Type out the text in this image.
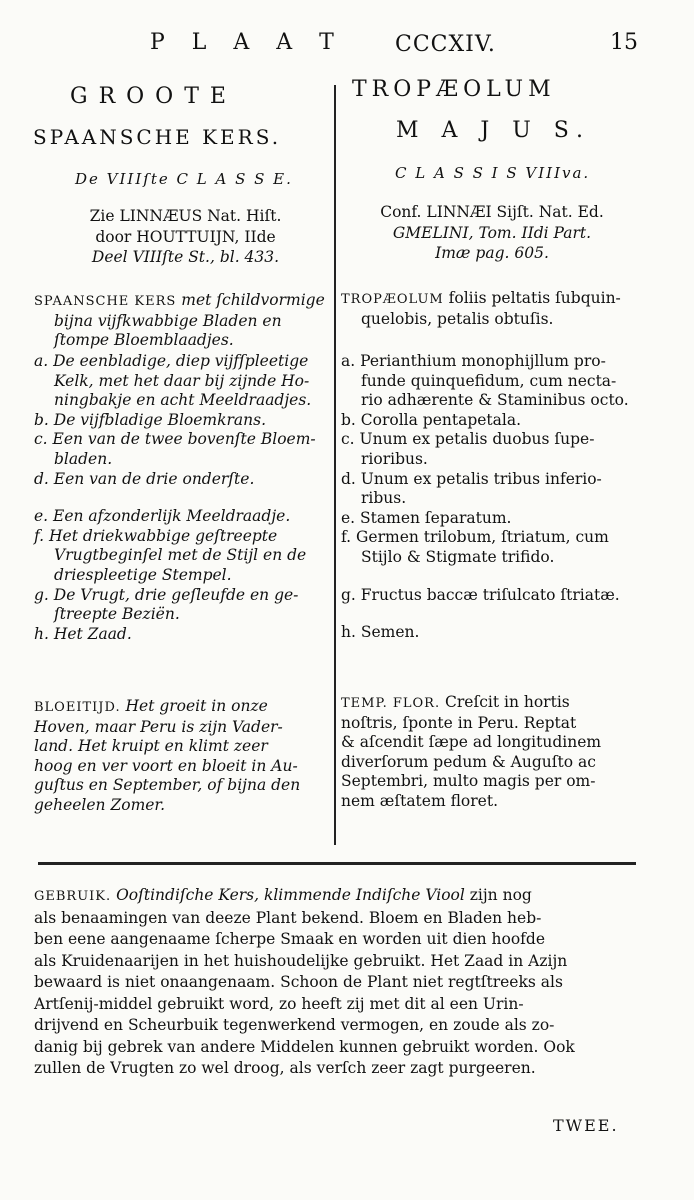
P L A A T CCCXIV.	15
GROOTE
SPAANSCHE KERS.
De VIIIſte C L A S S E.
TROPÆOLUM
M A J U S.
C L A S S I S VIIIva.

Zie LINNÆUS Nat. Hiſt.

door HOUTTUIJN, IIde

Deel VIIIſte St., bl. 433.

Conf. LINNÆI Sijſt. Nat. Ed.

GMELINI, Tom. IIdi Part.

Imæ pag. 605.

SPAANSCHE KERS met ſchildvormige

bijna vijfkwabbige Bladen en

ſtompe Bloemblaadjes.

a. De eenbladige, diep vijfſpleetige

Kelk, met het daar bij zijnde Ho-

ningbakje en acht Meeldraadjes.

b. De vijfbladige Bloemkrans.

c. Een van de twee bovenſte Bloem-

bladen.

d. Een van de drie onderſte.

e. Een afzonderlijk Meeldraadje.

f. Het driekwabbige geſtreepte

Vrugtbeginſel met de Stijl en de

driespleetige Stempel.

g. De Vrugt, drie geſleufde en ge-

ſtreepte Beziën.

h. Het Zaad.

BLOEITIJD. Het groeit in onze

Hoven, maar Peru is zijn Vader-

land. Het kruipt en klimt zeer

hoog en ver voort en bloeit in Au-

guſtus en September, of bijna den

geheelen Zomer.

TROPÆOLUM foliis peltatis ſubquin-

quelobis, petalis obtuſis.

a. Perianthium monophijllum pro-

funde quinquefidum, cum necta-

rio adhærente & Staminibus octo.

b. Corolla pentapetala.

c. Unum ex petalis duobus ſupe-

rioribus.

d. Unum ex petalis tribus inferio-

ribus.

e. Stamen ſeparatum.

f. Germen trilobum, ſtriatum, cum

Stijlo & Stigmate trifido.

g. Fructus baccæ triſulcato ſtriatæ.

h. Semen.

TEMP. FLOR. Creſcit in hortis

noſtris, ſponte in Peru. Reptat

& aſcendit ſæpe ad longitudinem

diverſorum pedum & Auguſto ac

Septembri, multo magis per om-

nem æſtatem floret.

GEBRUIK. Ooſtindiſche Kers, klimmende Indiſche Viool zijn nog

als benaamingen van deeze Plant bekend. Bloem en Bladen heb-

ben eene aangenaame ſcherpe Smaak en worden uit dien hoofde

als Kruidenaarijen in het huishoudelijke gebruikt. Het Zaad in Azijn

bewaard is niet onaangenaam. Schoon de Plant niet regtſtreeks als

Artſenij-middel gebruikt word, zo heeft zij met dit al een Urin-

drijvend en Scheurbuik tegenwerkend vermogen, en zoude als zo-

danig bij gebrek van andere Middelen kunnen gebruikt worden. Ook

zullen de Vrugten zo wel droog, als verſch zeer zagt purgeeren.

TWEE.
